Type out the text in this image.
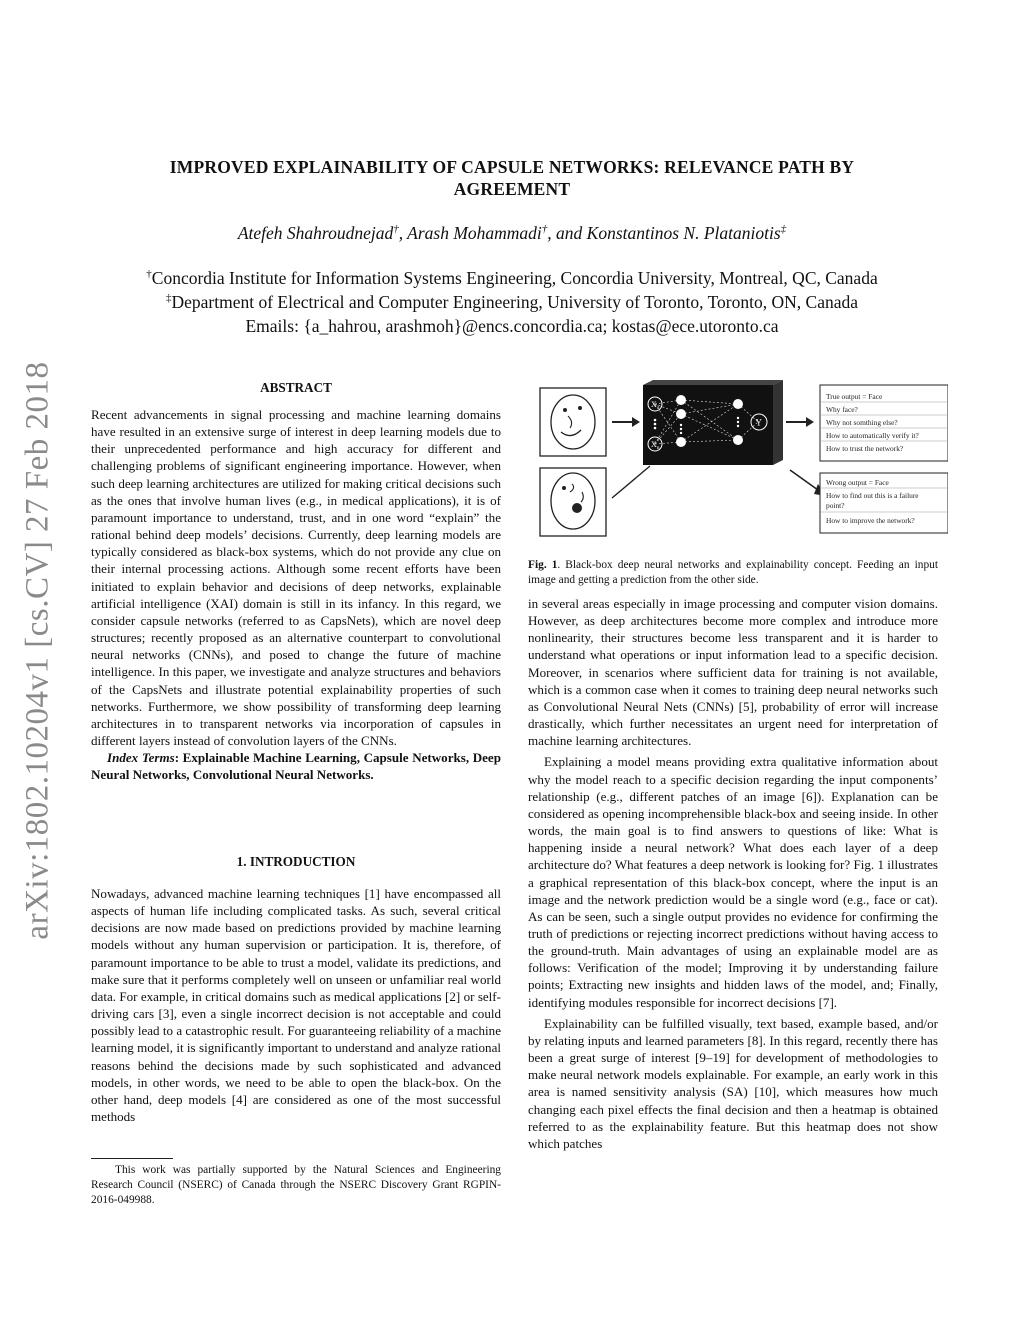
arXiv:1802.10204v1 [cs.CV] 27 Feb 2018
IMPROVED EXPLAINABILITY OF CAPSULE NETWORKS: RELEVANCE PATH BY
AGREEMENT
Atefeh Shahroudnejad†, Arash Mohammadi†, and Konstantinos N. Plataniotis‡
†Concordia Institute for Information Systems Engineering, Concordia University, Montreal, QC, Canada
‡Department of Electrical and Computer Engineering, University of Toronto, Toronto, ON, Canada
Emails: {a_hahrou, arashmoh}@encs.concordia.ca; kostas@ece.utoronto.ca
ABSTRACT

Recent advancements in signal processing and machine learning domains have resulted in an extensive surge of interest in deep learning models due to their unprecedented performance and high accuracy for different and challenging problems of significant engineering importance. However, when such deep learning architectures are utilized for making critical decisions such as the ones that involve human lives (e.g., in medical applications), it is of paramount importance to understand, trust, and in one word “explain” the rational behind deep models’ decisions. Currently, deep learning models are typically considered as black-box systems, which do not provide any clue on their internal processing actions. Although some recent efforts have been initiated to explain behavior and decisions of deep networks, explainable artificial intelligence (XAI) domain is still in its infancy. In this regard, we consider capsule networks (referred to as CapsNets), which are novel deep structures; recently proposed as an alternative counterpart to convolutional neural networks (CNNs), and posed to change the future of machine intelligence. In this paper, we investigate and analyze structures and behaviors of the CapsNets and illustrate potential explainability properties of such networks. Furthermore, we show possibility of transforming deep learning architectures in to transparent networks via incorporation of capsules in different layers instead of convolution layers of the CNNs.

Index Terms: Explainable Machine Learning, Capsule Networks, Deep Neural Networks, Convolutional Neural Networks.

1. INTRODUCTION

Nowadays, advanced machine learning techniques [1] have encompassed all aspects of human life including complicated tasks. As such, several critical decisions are now made based on predictions provided by machine learning models without any human supervision or participation. It is, therefore, of paramount importance to be able to trust a model, validate its predictions, and make sure that it performs completely well on unseen or unfamiliar real world data. For example, in critical domains such as medical applications [2] or self-driving cars [3], even a single incorrect decision is not acceptable and could possibly lead to a catastrophic result. For guaranteeing reliability of a machine learning model, it is significantly important to understand and analyze rational reasons behind the decisions made by such sophisticated and advanced models, in other words, we need to be able to open the black-box. On the other hand, deep models [4] are considered as one of the most successful methods

This work was partially supported by the Natural Sciences and Engineering Research Council (NSERC) of Canada through the NSERC Discovery Grant RGPIN-2016-049988.

$X_1$
$X_n$
Y
True output = Face
Why face?
Why not somthing else?
How to automatically verify it?
How to trust the network?
Wrong output = Face
How to find out this is a failure
point?
How to improve the network?
Fig. 1. Black-box deep neural networks and explainability concept. Feeding an input image and getting a prediction from the other side.

in several areas especially in image processing and computer vision domains. However, as deep architectures become more complex and introduce more nonlinearity, their structures become less transparent and it is harder to understand what operations or input information lead to a specific decision. Moreover, in scenarios where sufficient data for training is not available, which is a common case when it comes to training deep neural networks such as Convolutional Neural Nets (CNNs) [5], probability of error will increase drastically, which further necessitates an urgent need for interpretation of machine learning architectures.

Explaining a model means providing extra qualitative information about why the model reach to a specific decision regarding the input components’ relationship (e.g., different patches of an image [6]). Explanation can be considered as opening incomprehensible black-box and seeing inside. In other words, the main goal is to find answers to questions of like: What is happening inside a neural network? What does each layer of a deep architecture do? What features a deep network is looking for? Fig. 1 illustrates a graphical representation of this black-box concept, where the input is an image and the network prediction would be a single word (e.g., face or cat). As can be seen, such a single output provides no evidence for confirming the truth of predictions or rejecting incorrect predictions without having access to the ground-truth. Main advantages of using an explainable model are as follows: Verification of the model; Improving it by understanding failure points; Extracting new insights and hidden laws of the model, and; Finally, identifying modules responsible for incorrect decisions [7].

Explainability can be fulfilled visually, text based, example based, and/or by relating inputs and learned parameters [8]. In this regard, recently there has been a great surge of interest [9–19] for development of methodologies to make neural network models explainable. For example, an early work in this area is named sensitivity analysis (SA) [10], which measures how much changing each pixel effects the final decision and then a heatmap is obtained referred to as the explainability feature. But this heatmap does not show which patches
